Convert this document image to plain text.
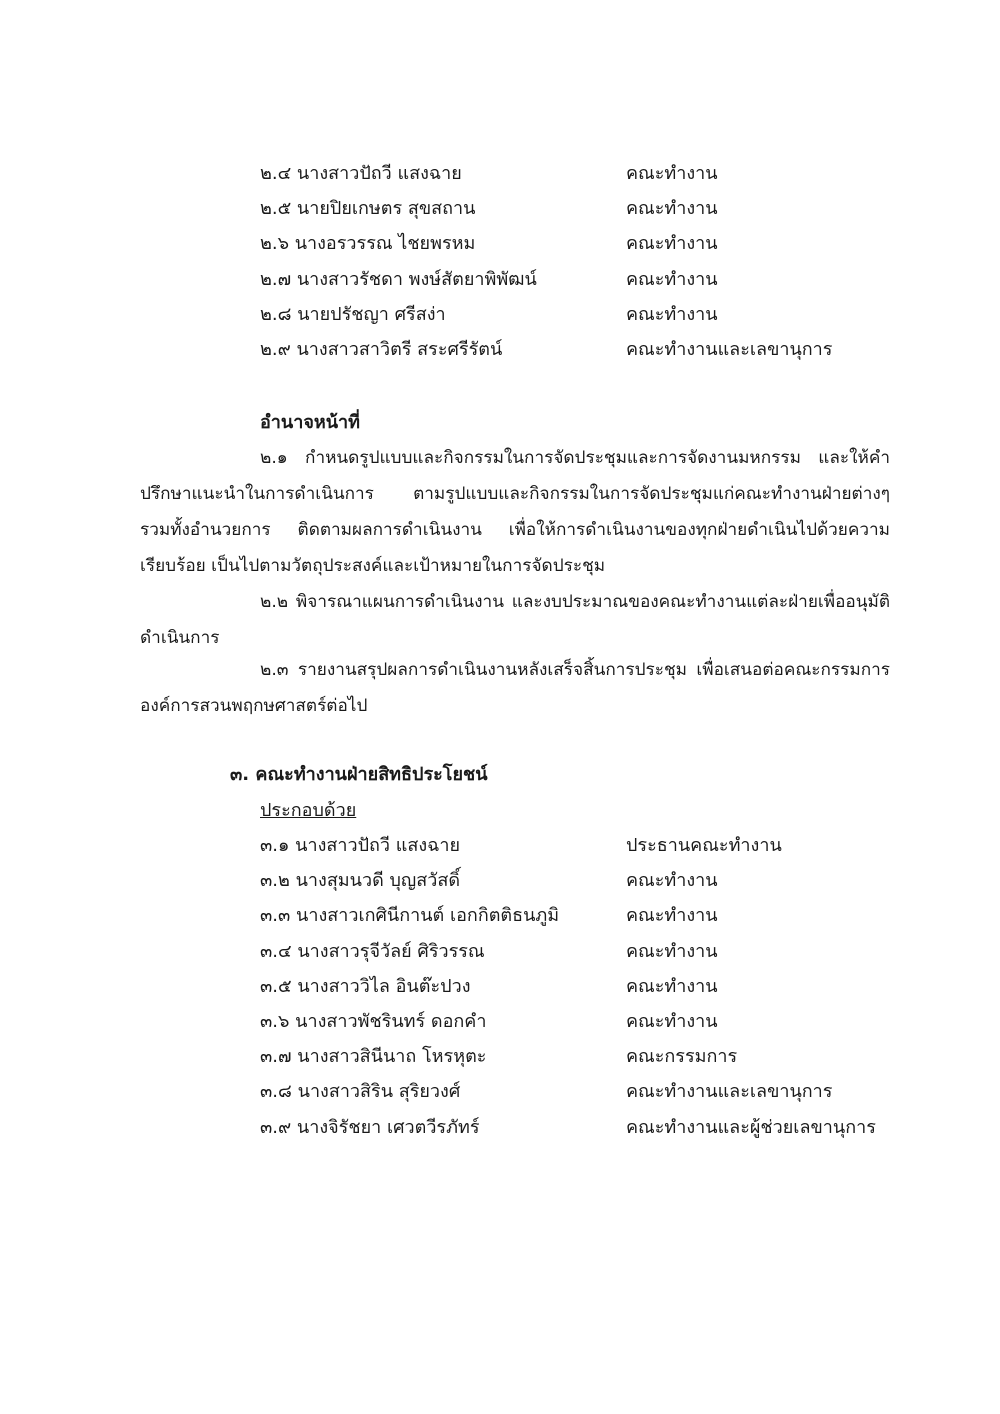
๒.๔ นางสาวปัถวี แสงฉาย	คณะทำงาน
๒.๕ นายปิยเกษตร สุขสถาน	คณะทำงาน
๒.๖ นางอรวรรณ ไชยพรหม	คณะทำงาน
๒.๗ นางสาวรัชดา พงษ์สัตยาพิพัฒน์	คณะทำงาน
๒.๘ นายปรัชญา ศรีสง่า	คณะทำงาน
๒.๙ นางสาวสาวิตรี สระศรีรัตน์	คณะทำงานและเลขานุการ
อำนาจหน้าที่

๒.๑ กำหนดรูปแบบและกิจกรรมในการจัดประชุมและการจัดงานมหกรรม และให้คำปรึกษาแนะนำในการดำเนินการ ตามรูปแบบและกิจกรรมในการจัดประชุมแก่คณะทำงานฝ่ายต่างๆ รวมทั้งอำนวยการ ติดตามผลการดำเนินงาน เพื่อให้การดำเนินงานของทุกฝ่ายดำเนินไปด้วยความเรียบร้อย เป็นไปตามวัตถุประสงค์และเป้าหมายในการจัดประชุม

๒.๒ พิจารณาแผนการดำเนินงาน และงบประมาณของคณะทำงานแต่ละฝ่ายเพื่ออนุมัติดำเนินการ

๒.๓ รายงานสรุปผลการดำเนินงานหลังเสร็จสิ้นการประชุม เพื่อเสนอต่อคณะกรรมการองค์การสวนพฤกษศาสตร์ต่อไป

๓. คณะทำงานฝ่ายสิทธิประโยชน์
ประกอบด้วย
๓.๑ นางสาวปัถวี แสงฉาย	ประธานคณะทำงาน
๓.๒ นางสุมนวดี บุญสวัสดิ์	คณะทำงาน
๓.๓ นางสาวเกศินีกานต์ เอกกิตติธนภูมิ	คณะทำงาน
๓.๔ นางสาวรุจีวัลย์ ศิริวรรณ	คณะทำงาน
๓.๕ นางสาววิไล อินต๊ะปวง	คณะทำงาน
๓.๖ นางสาวพัชรินทร์ ดอกคำ	คณะทำงาน
๓.๗ นางสาวสินีนาถ โหรหุตะ	คณะกรรมการ
๓.๘ นางสาวสิริน สุริยวงศ์	คณะทำงานและเลขานุการ
๓.๙ นางจิรัชยา เศวตวีรภัทร์	คณะทำงานและผู้ช่วยเลขานุการ
